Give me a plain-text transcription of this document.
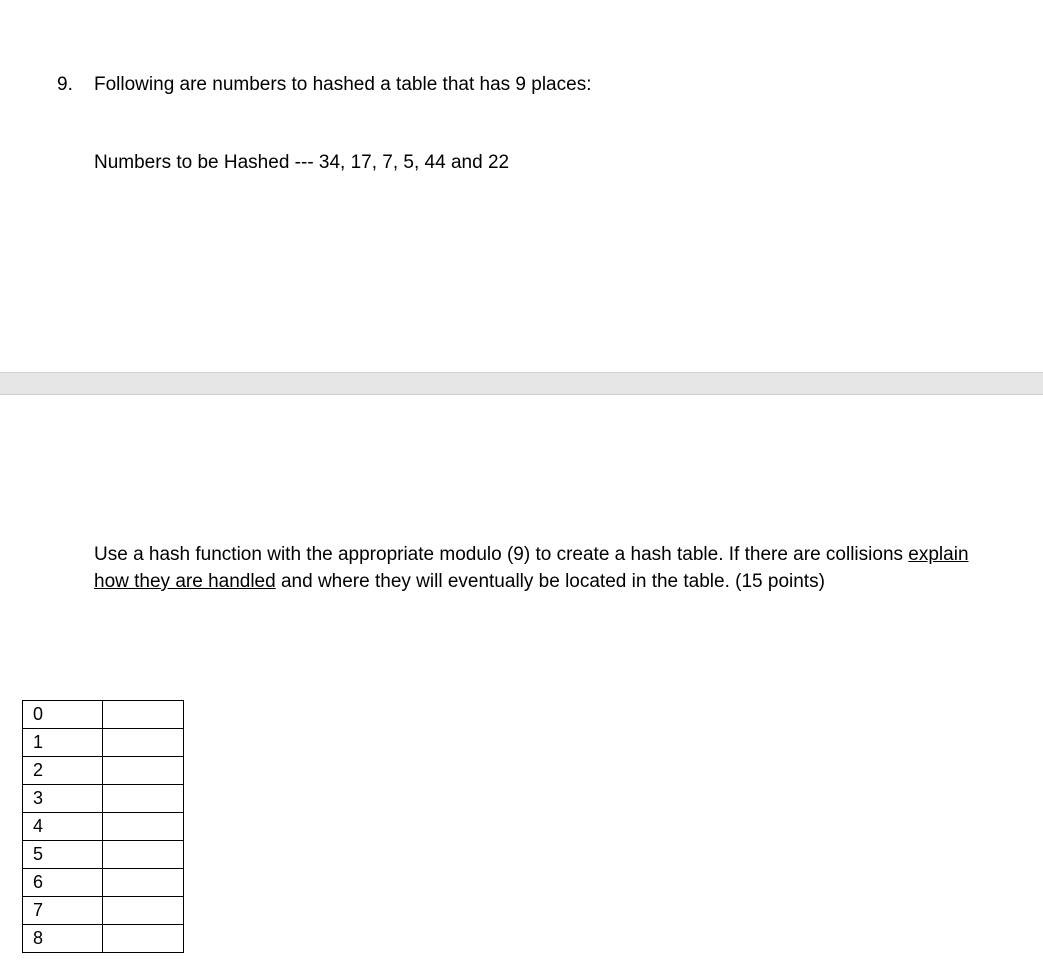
9. Following are numbers to hashed a table that has 9 places:
Numbers to be Hashed --- 34, 17, 7, 5, 44 and 22
Use a hash function with the appropriate modulo (9) to create a hash table. If there are collisions explain how they are handled and where they will eventually be located in the table. (15 points)
0	
1	
2	
3	
4	
5	
6	
7	
8	
